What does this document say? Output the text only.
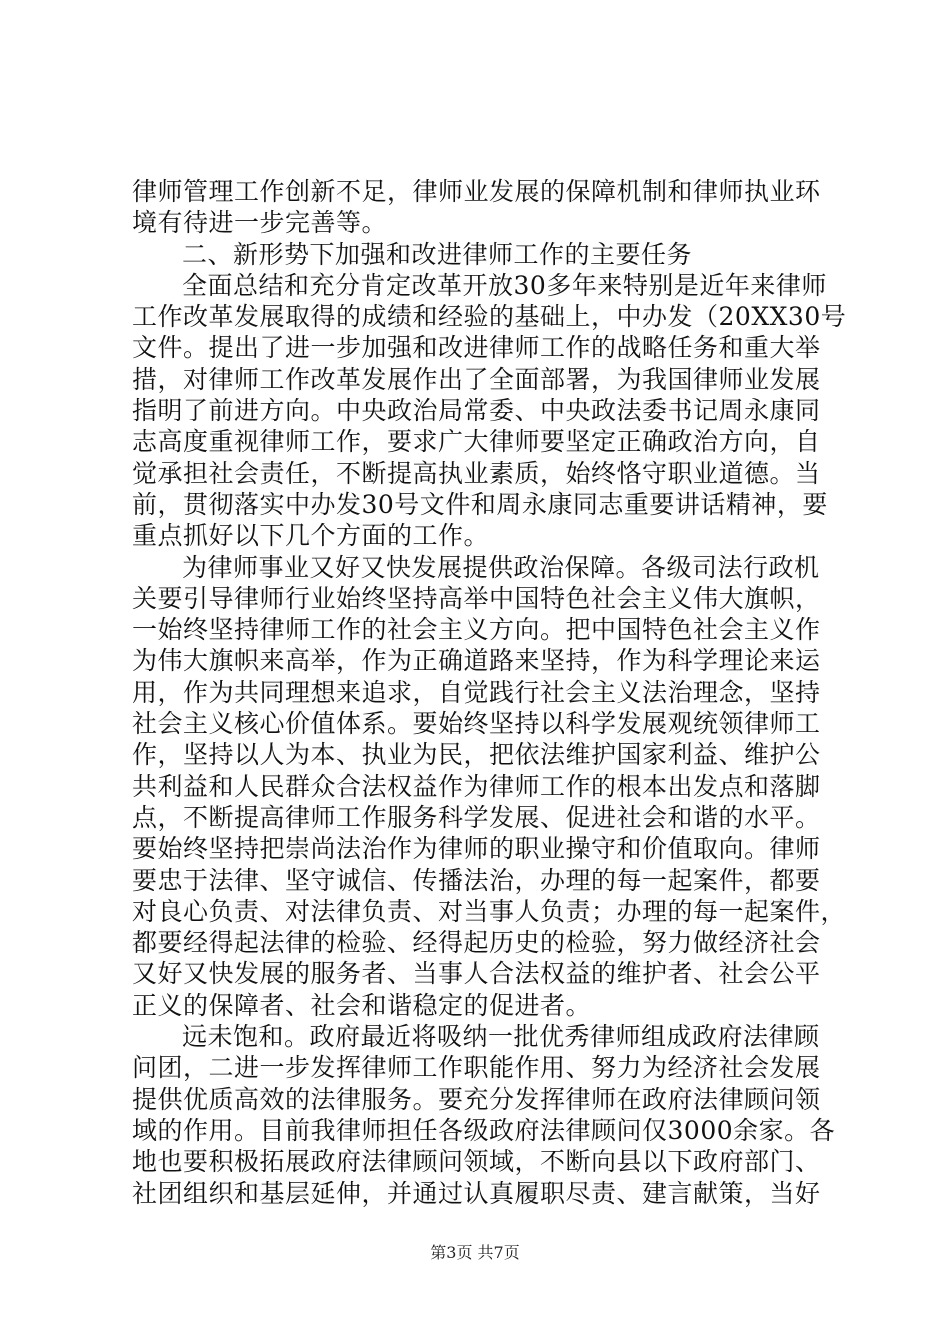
律师管理工作创新不足，律师业发展的保障机制和律师执业环
境有待进一步完善等。
二、新形势下加强和改进律师工作的主要任务
全面总结和充分肯定改革开放30多年来特别是近年来律师
工作改革发展取得的成绩和经验的基础上，中办发（20XX30号
文件。提出了进一步加强和改进律师工作的战略任务和重大举
措，对律师工作改革发展作出了全面部署，为我国律师业发展
指明了前进方向。中央政治局常委、中央政法委书记周永康同
志高度重视律师工作，要求广大律师要坚定正确政治方向，自
觉承担社会责任，不断提高执业素质，始终恪守职业道德。当
前，贯彻落实中办发30号文件和周永康同志重要讲话精神，要
重点抓好以下几个方面的工作。
为律师事业又好又快发展提供政治保障。各级司法行政机
关要引导律师行业始终坚持高举中国特色社会主义伟大旗帜，
一始终坚持律师工作的社会主义方向。把中国特色社会主义作
为伟大旗帜来高举，作为正确道路来坚持，作为科学理论来运
用，作为共同理想来追求，自觉践行社会主义法治理念，坚持
社会主义核心价值体系。要始终坚持以科学发展观统领律师工
作，坚持以人为本、执业为民，把依法维护国家利益、维护公
共利益和人民群众合法权益作为律师工作的根本出发点和落脚
点，不断提高律师工作服务科学发展、促进社会和谐的水平。
要始终坚持把崇尚法治作为律师的职业操守和价值取向。律师
要忠于法律、坚守诚信、传播法治，办理的每一起案件，都要
对良心负责、对法律负责、对当事人负责；办理的每一起案件，
都要经得起法律的检验、经得起历史的检验，努力做经济社会
又好又快发展的服务者、当事人合法权益的维护者、社会公平
正义的保障者、社会和谐稳定的促进者。
远未饱和。政府最近将吸纳一批优秀律师组成政府法律顾
问团，二进一步发挥律师工作职能作用、努力为经济社会发展
提供优质高效的法律服务。要充分发挥律师在政府法律顾问领
域的作用。目前我律师担任各级政府法律顾问仅3000余家。各
地也要积极拓展政府法律顾问领域，不断向县以下政府部门、
社团组织和基层延伸，并通过认真履职尽责、建言献策，当好
第3页 共7页
